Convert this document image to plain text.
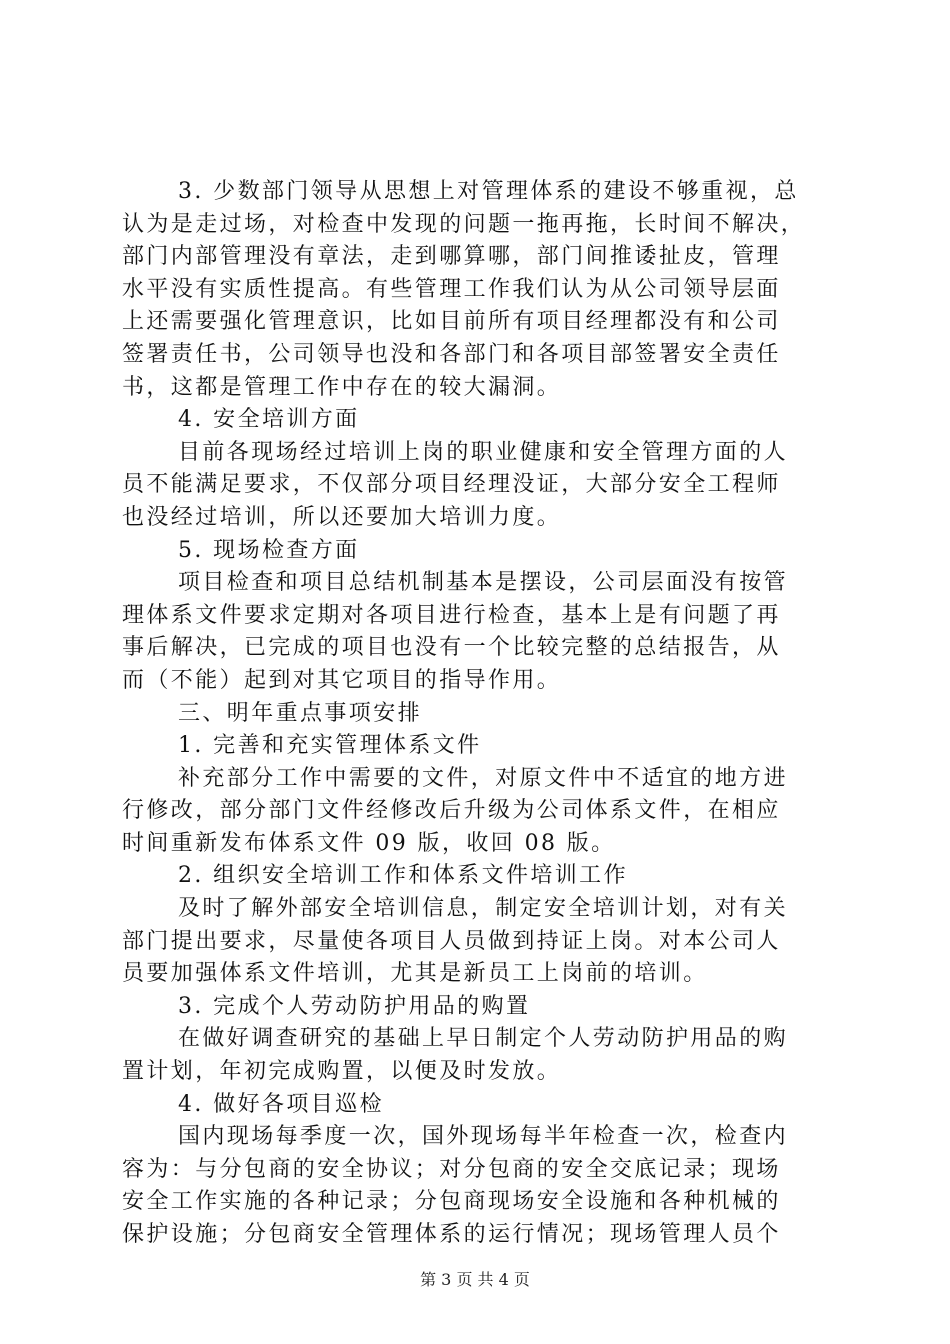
3. 少数部门领导从思想上对管理体系的建设不够重视，总
认为是走过场，对检查中发现的问题一拖再拖，长时间不解决，
部门内部管理没有章法，走到哪算哪，部门间推诿扯皮，管理
水平没有实质性提高。有些管理工作我们认为从公司领导层面
上还需要强化管理意识，比如目前所有项目经理都没有和公司
签署责任书，公司领导也没和各部门和各项目部签署安全责任
书，这都是管理工作中存在的较大漏洞。
4. 安全培训方面
目前各现场经过培训上岗的职业健康和安全管理方面的人
员不能满足要求，不仅部分项目经理没证，大部分安全工程师
也没经过培训，所以还要加大培训力度。
5. 现场检查方面
项目检查和项目总结机制基本是摆设，公司层面没有按管
理体系文件要求定期对各项目进行检查，基本上是有问题了再
事后解决，已完成的项目也没有一个比较完整的总结报告，从
而（不能）起到对其它项目的指导作用。
三、明年重点事项安排
1. 完善和充实管理体系文件
补充部分工作中需要的文件，对原文件中不适宜的地方进
行修改，部分部门文件经修改后升级为公司体系文件，在相应
时间重新发布体系文件 09 版，收回 08 版。
2. 组织安全培训工作和体系文件培训工作
及时了解外部安全培训信息，制定安全培训计划，对有关
部门提出要求，尽量使各项目人员做到持证上岗。对本公司人
员要加强体系文件培训，尤其是新员工上岗前的培训。
3. 完成个人劳动防护用品的购置
在做好调查研究的基础上早日制定个人劳动防护用品的购
置计划，年初完成购置，以便及时发放。
4. 做好各项目巡检
国内现场每季度一次，国外现场每半年检查一次，检查内
容为：与分包商的安全协议；对分包商的安全交底记录；现场
安全工作实施的各种记录；分包商现场安全设施和各种机械的
保护设施；分包商安全管理体系的运行情况；现场管理人员个
第 3 页 共 4 页
